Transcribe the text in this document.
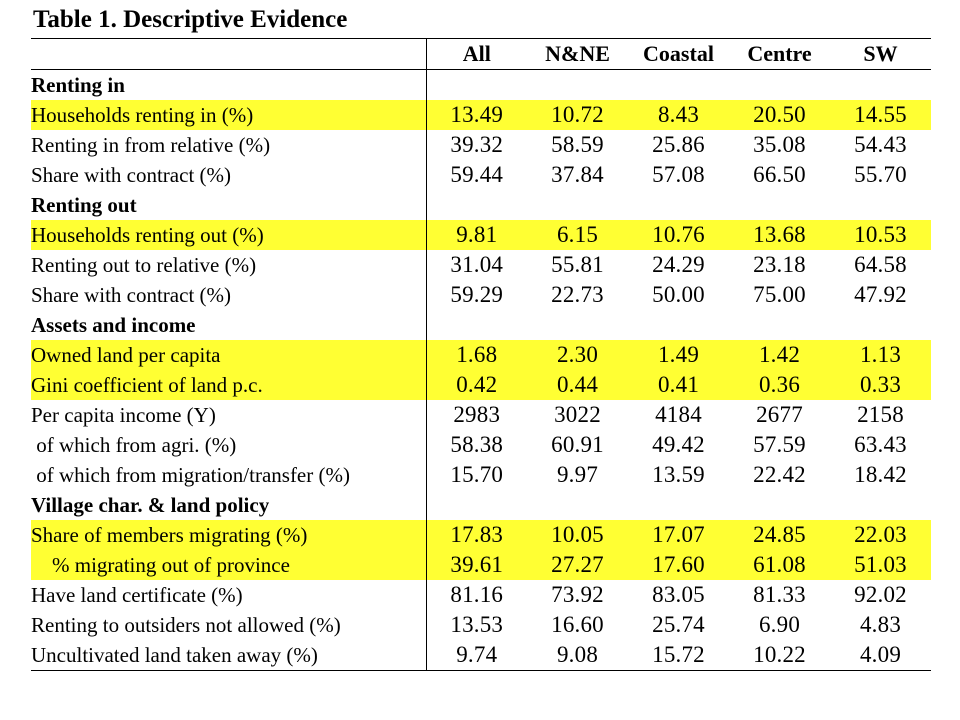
Table 1. Descriptive Evidence
	All	N&NE	Coastal	Centre	SW
Renting in					
Households renting in (%)	13.49	10.72	8.43	20.50	14.55
Renting in from relative (%)	39.32	58.59	25.86	35.08	54.43
Share with contract (%)	59.44	37.84	57.08	66.50	55.70
Renting out					
Households renting out (%)	9.81	6.15	10.76	13.68	10.53
Renting out to relative (%)	31.04	55.81	24.29	23.18	64.58
Share with contract (%)	59.29	22.73	50.00	75.00	47.92
Assets and income					
Owned land per capita	1.68	2.30	1.49	1.42	1.13
Gini coefficient of land p.c.	0.42	0.44	0.41	0.36	0.33
Per capita income (Y)	2983	3022	4184	2677	2158
of which from agri. (%)	58.38	60.91	49.42	57.59	63.43
of which from migration/transfer (%)	15.70	9.97	13.59	22.42	18.42
Village char. & land policy					
Share of members migrating (%)	17.83	10.05	17.07	24.85	22.03
% migrating out of province	39.61	27.27	17.60	61.08	51.03
Have land certificate (%)	81.16	73.92	83.05	81.33	92.02
Renting to outsiders not allowed (%)	13.53	16.60	25.74	6.90	4.83
Uncultivated land taken away (%)	9.74	9.08	15.72	10.22	4.09
